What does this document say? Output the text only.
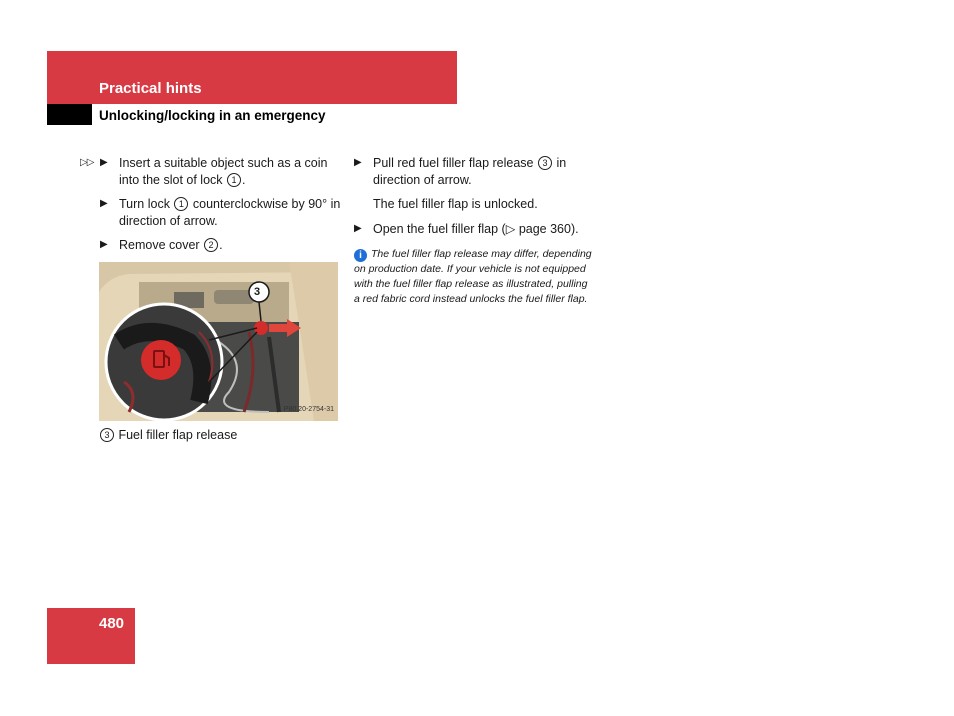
Practical hints
Unlocking/locking in an emergency
▷▷ ▶ Insert a suitable object such as a coin into the slot of lock 1 .
▶ Turn lock 1 counterclockwise by 90° in direction of arrow.
▶ Remove cover 2 .
3
P80.20-2754-31
3 Fuel filler flap release
▶ Pull red fuel filler flap release 3 in direction of arrow.
The fuel filler flap is unlocked.
▶ Open the fuel filler flap (▷ page 360).
i The fuel filler flap release may differ, depending on production date. If your vehicle is not equipped with the fuel filler flap release as illustrated, pulling a red fabric cord instead unlocks the fuel filler flap.
480
